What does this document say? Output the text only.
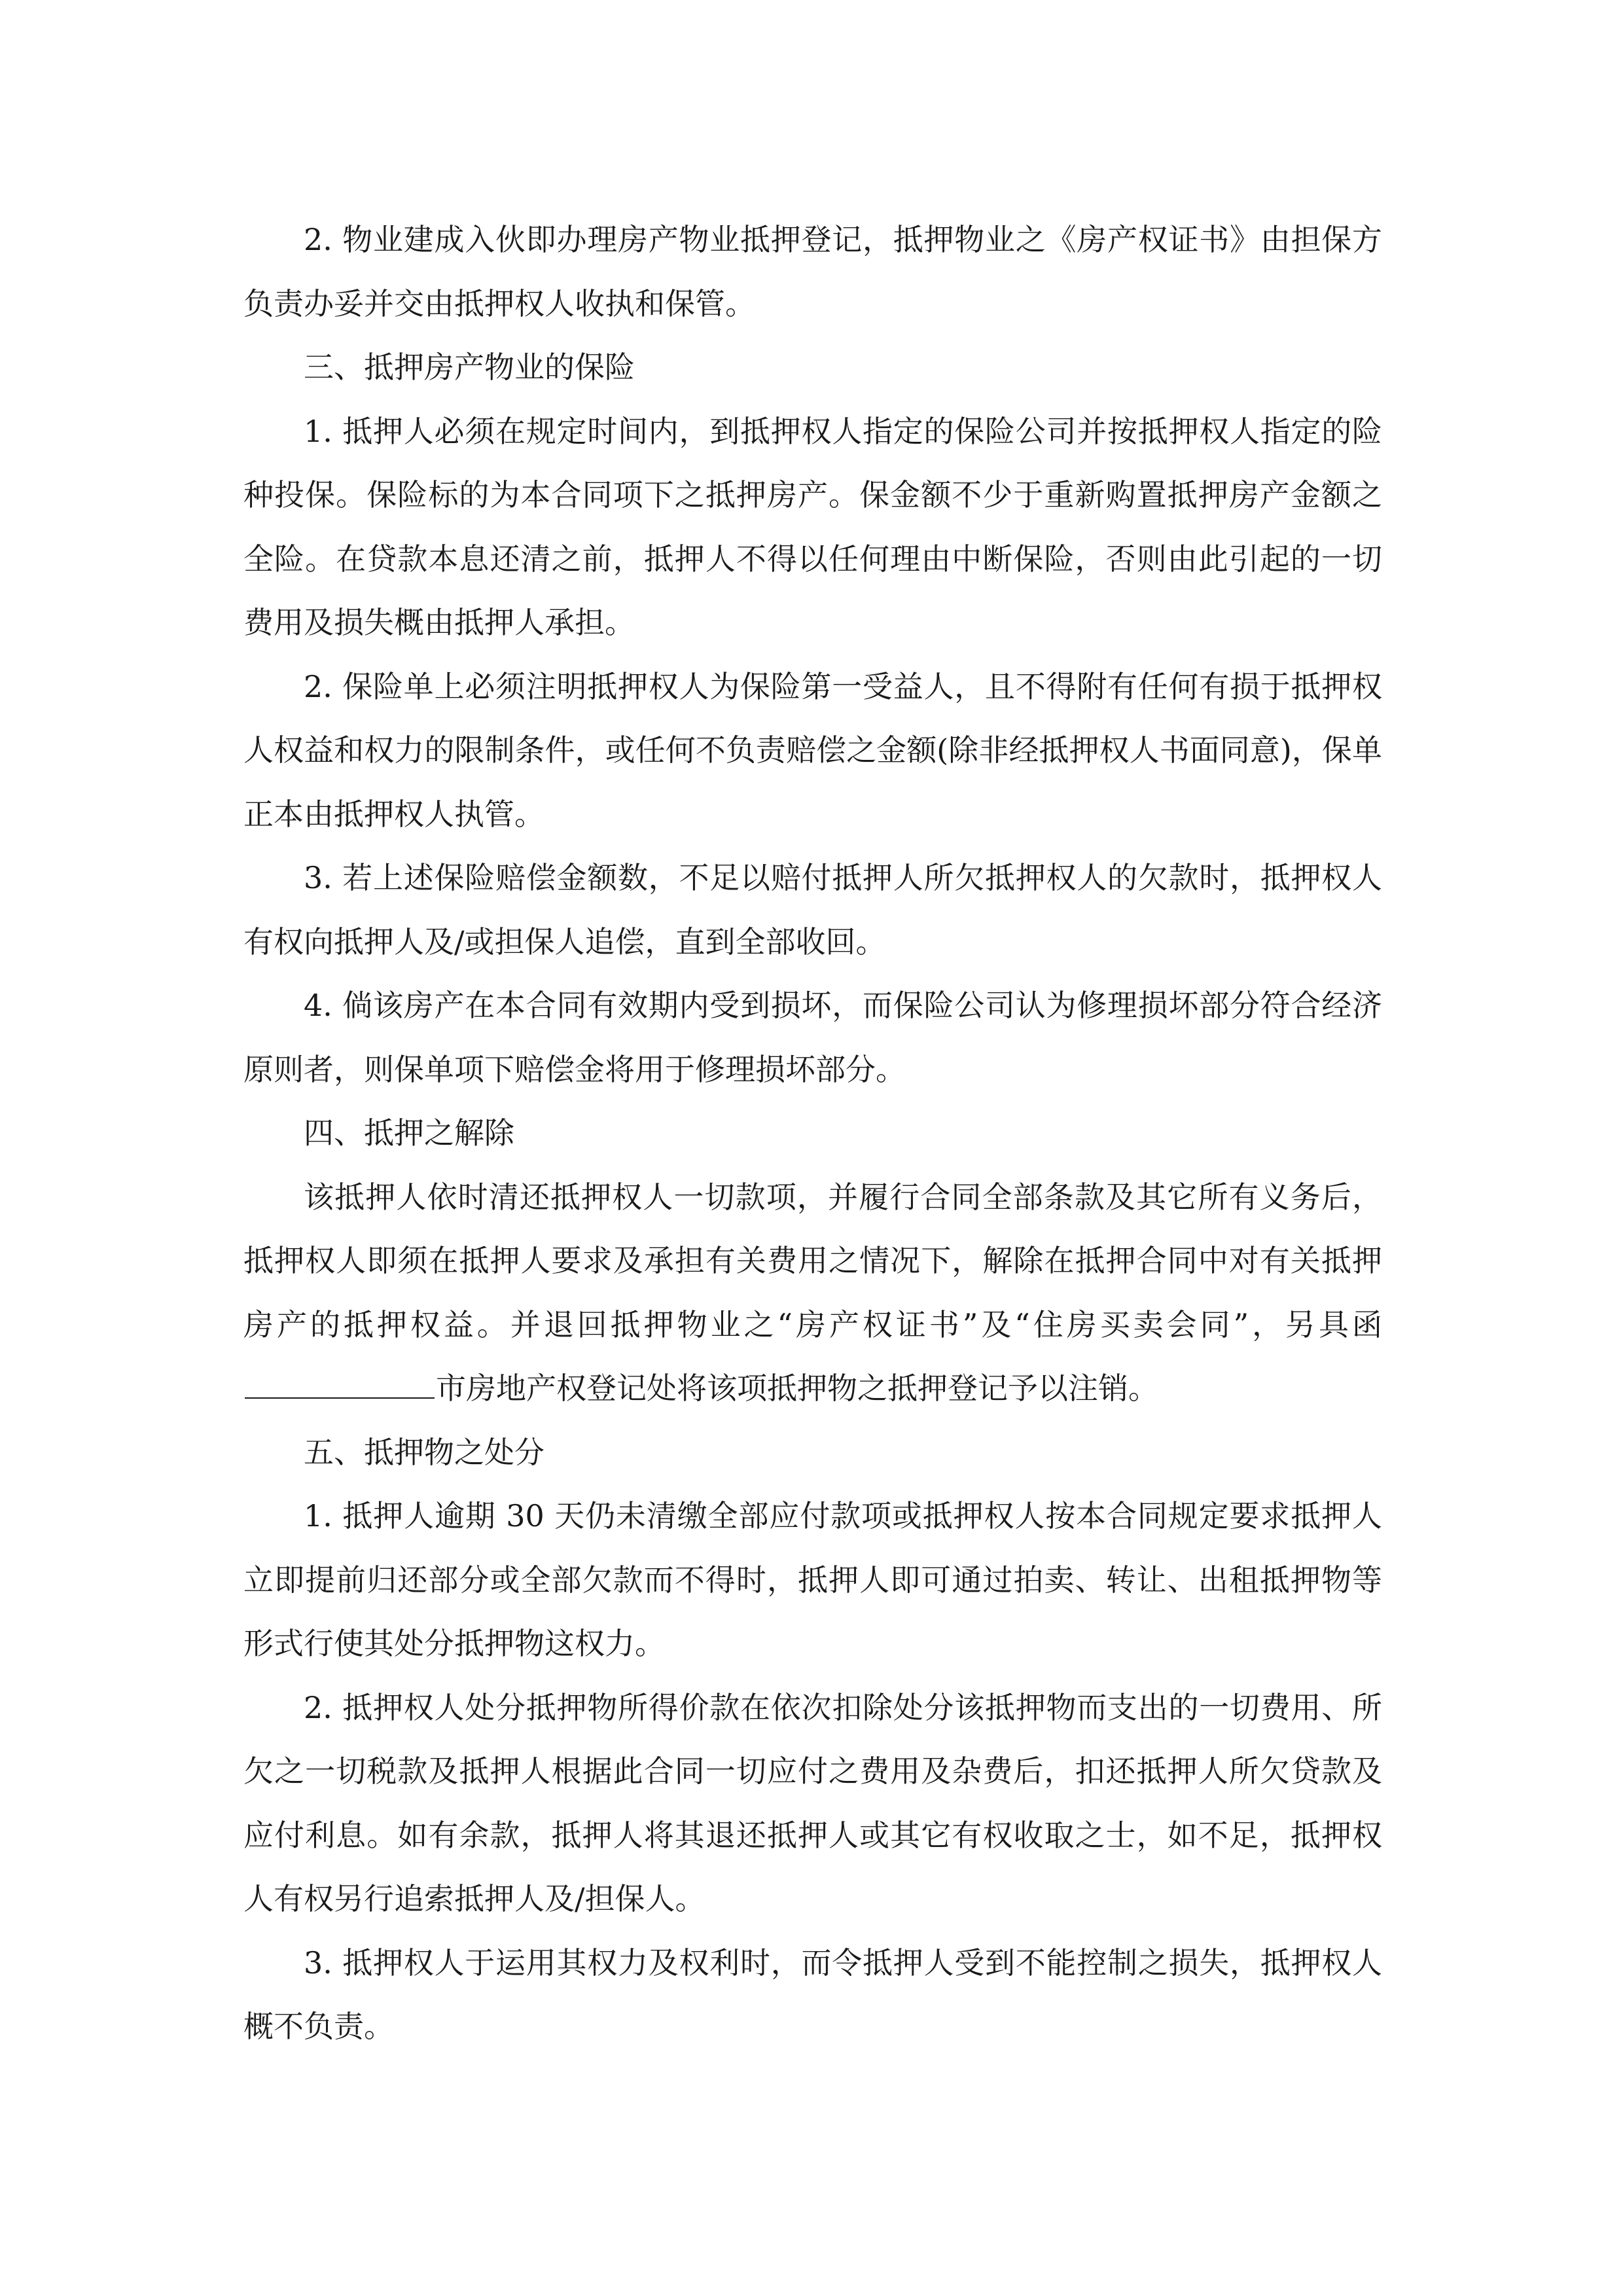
2. 物业建成入伙即办理房产物业抵押登记，抵押物业之《房产权证书》由担保方负责办妥并交由抵押权人收执和保管。

三、抵押房产物业的保险

1. 抵押人必须在规定时间内，到抵押权人指定的保险公司并按抵押权人指定的险种投保。保险标的为本合同项下之抵押房产。保金额不少于重新购置抵押房产金额之全险。在贷款本息还清之前，抵押人不得以任何理由中断保险，否则由此引起的一切费用及损失概由抵押人承担。

2. 保险单上必须注明抵押权人为保险第一受益人，且不得附有任何有损于抵押权人权益和权力的限制条件，或任何不负责赔偿之金额(除非经抵押权人书面同意)，保单正本由抵押权人执管。

3. 若上述保险赔偿金额数，不足以赔付抵押人所欠抵押权人的欠款时，抵押权人有权向抵押人及/或担保人追偿，直到全部收回。

4. 倘该房产在本合同有效期内受到损坏，而保险公司认为修理损坏部分符合经济原则者，则保单项下赔偿金将用于修理损坏部分。

四、抵押之解除

该抵押人依时清还抵押权人一切款项，并履行合同全部条款及其它所有义务后，抵押权人即须在抵押人要求及承担有关费用之情况下，解除在抵押合同中对有关抵押房产的抵押权益。并退回抵押物业之“房产权证书”及“住房买卖会同”，另具函市房地产权登记处将该项抵押物之抵押登记予以注销。

五、抵押物之处分

1. 抵押人逾期 30 天仍未清缴全部应付款项或抵押权人按本合同规定要求抵押人立即提前归还部分或全部欠款而不得时，抵押人即可通过拍卖、转让、出租抵押物等形式行使其处分抵押物这权力。

2. 抵押权人处分抵押物所得价款在依次扣除处分该抵押物而支出的一切费用、所欠之一切税款及抵押人根据此合同一切应付之费用及杂费后，扣还抵押人所欠贷款及应付利息。如有余款，抵押人将其退还抵押人或其它有权收取之士，如不足，抵押权人有权另行追索抵押人及/担保人。

3. 抵押权人于运用其权力及权利时，而令抵押人受到不能控制之损失，抵押权人概不负责。
